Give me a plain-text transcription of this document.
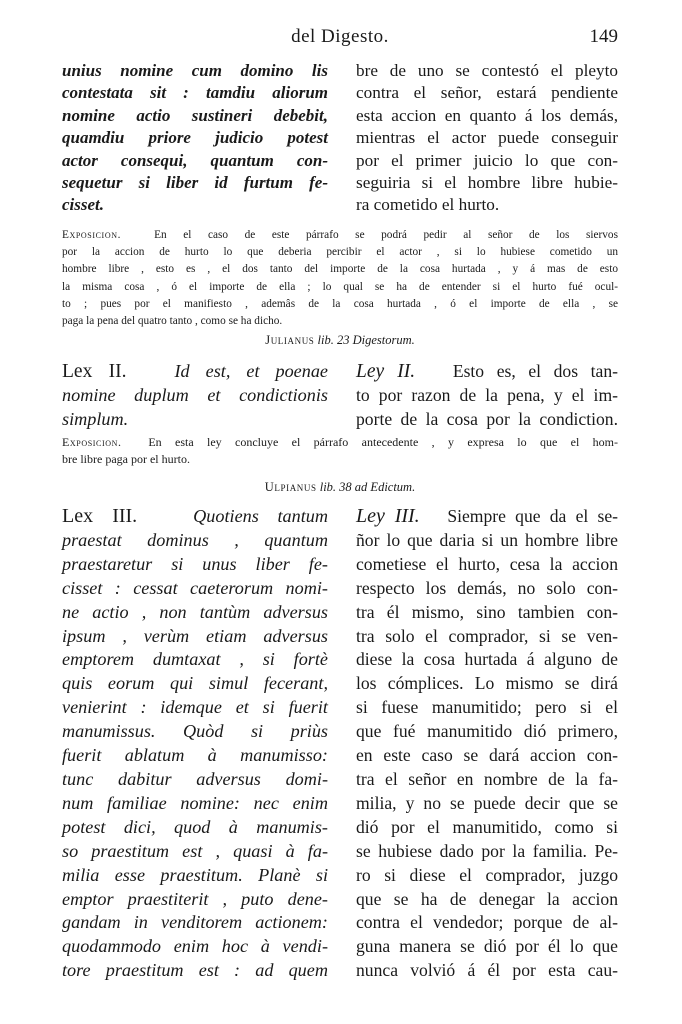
del Digesto.	149
unius nomine cum domino lis
contestata sit : tamdiu aliorum
nomine actio sustineri debebit,
quamdiu priore judicio potest
actor consequi, quantum con-
sequetur si liber id furtum fe-
cisset.
bre de uno se contestó el pleyto
contra el señor, estará pendiente
esta accion en quanto á los demás,
mientras el actor puede conseguir
por el primer juicio lo que con-
seguiria si el hombre libre hubie-
ra cometido el hurto.
Exposicion.	En el caso de este párrafo se podrá pedir al señor de los siervos
por la accion de hurto lo que deberia percibir el actor , si lo hubiese cometido un
hombre libre , esto es , el dos tanto del importe de la cosa hurtada , y á mas de esto
la misma cosa , ó el importe de ella ; lo qual se ha de entender si el hurto fué ocul-
to ; pues por el manifiesto , ademâs de la cosa hurtada , ó el importe de ella , se
paga la pena del quatro tanto , como se ha dicho.
Julianus lib. 23 Digestorum.
Lex II.	Id est, et poenae
nomine duplum et condictionis
simplum.
Ley II. Esto es, el dos tan-
to por razon de la pena, y el im-
porte de la cosa por la condiction.
Exposicion. En esta ley concluye el párrafo antecedente , y expresa lo que el hom-
bre libre paga por el hurto.
Ulpianus lib. 38 ad Edictum.
Lex III.	Quotiens tantum
praestat dominus , quantum
praestaretur si unus liber fe-
cisset : cessat caeterorum nomi-
ne actio , non tantùm adversus
ipsum , verùm etiam adversus
emptorem dumtaxat , si fortè
quis eorum qui simul fecerant,
venierint : idemque et si fuerit
manumissus. Quòd si priùs
fuerit ablatum à manumisso:
tunc dabitur adversus domi-
num familiae nomine: nec enim
potest dici, quod à manumis-
so praestitum est , quasi à fa-
milia esse praestitum. Planè si
emptor praestiterit , puto dene-
gandam in venditorem actionem:
quodammodo enim hoc à vendi-
tore praestitum est : ad quem
Ley III. Siempre que da el se-
ñor lo que daria si un hombre libre
cometiese el hurto, cesa la accion
respecto los demás, no solo con-
tra él mismo, sino tambien con-
tra solo el comprador, si se ven-
diese la cosa hurtada á alguno de
los cómplices. Lo mismo se dirá
si fuese manumitido; pero si el
que fué manumitido dió primero,
en este caso se dará accion con-
tra el señor en nombre de la fa-
milia, y no se puede decir que se
dió por el manumitido, como si
se hubiese dado por la familia. Pe-
ro si diese el comprador, juzgo
que se ha de denegar la accion
contra el vendedor; porque de al-
guna manera se dió por él lo que
nunca volvió á él por esta cau-
